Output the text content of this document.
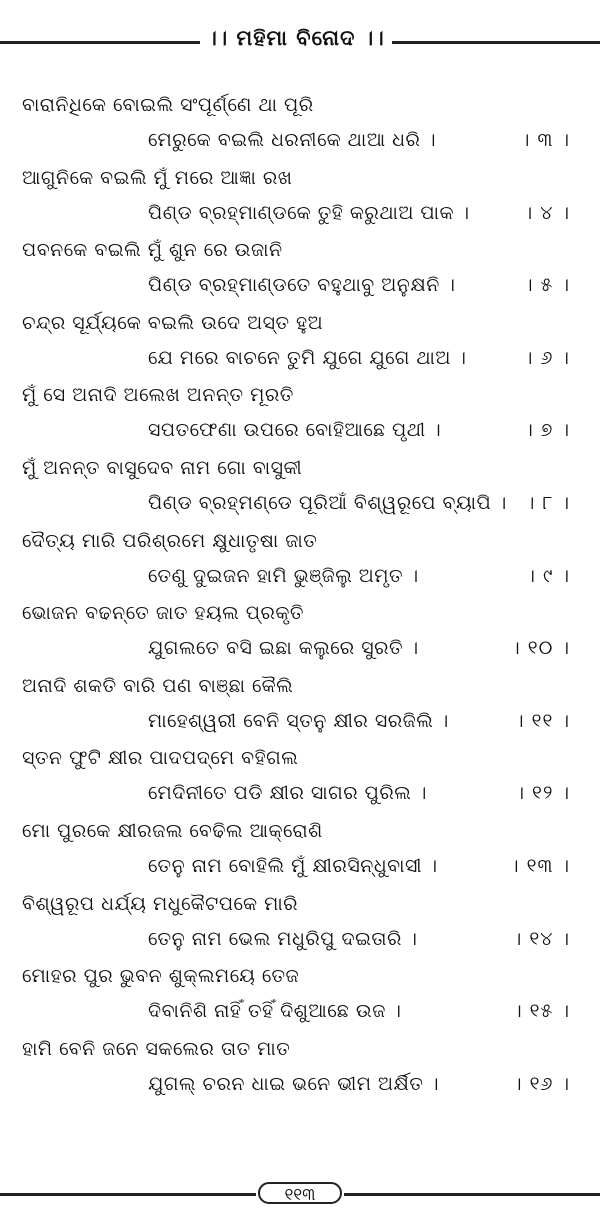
।। ମହିମା ବିନୋଦ ।।
ବାରାନିଧିକେ ବୋଇଲି ସଂପୂର୍ଣ୍ଣେ ଥା ପୂରି
ମେରୁକେ ବଇଲି ଧରନୀକେ ଥାଆ ଧରି ।	। ୩ ।
ଆଗୁନିକେ ବଇଲି ମୁଁ ମରେ ଆଜ୍ଞା ରଖ
ପିଣ୍ଡ ବ୍ରହ୍ମାଣ୍ଡକେ ତୁହି କରୁଥାଅ ପାକ ।	। ୪ ।
ପବନକେ ବଇଲି ମୁଁ ଶୁନ ରେ ଉଜାନି
ପିଣ୍ଡ ବ୍ରହ୍ମାଣ୍ଡତେ ବହୁଥାବୁ ଅନୁକ୍ଷନି ।	। ୫ ।
ଚନ୍ଦ୍ର ସୂର୍ଯ୍ୟକେ ବଇଲି ଉଦେ ଅସ୍ତ ହୁଅ
ଯେ ମରେ ବାଚନେ ତୁମି ଯୁଗେ ଯୁଗେ ଥାଅ ।	। ୬ ।
ମୁଁ ସେ ଅନାଦି ଅଲେଖ ଅନନ୍ତ ମୂରତି
ସପତଫେଣା ଉପରେ ବୋହିଆଛେ ପୃଥୀ ।	। ୭ ।
ମୁଁ ଅନନ୍ତ ବାସୁଦେବ ନାମ ଗୋ ବାସୁକୀ
ପିଣ୍ଡ ବ୍ରହ୍ମଣ୍ଡେ ପୂରିଆଁ ବିଶ୍ୱରୂପେ ବ୍ୟାପି । । ୮ ।
ଦୈତ୍ୟ ମାରି ପରିଶ୍ରମେ କ୍ଷୁଧାତୃଷା ଜାତ
ତେଣୁ ଦୁଇଜନ ହାମି ଭୁଞ୍ଜିଲୁ ଅମୃତ ।	। ୯ ।
ଭୋଜନ ବଢନ୍ତେ ଜାତ ହୟଲ ପ୍ରକୃତି
ଯୁଗଲତେ ବସି ଇଛା କଲୁରେ ସୁରତି ।	। ୧୦ ।
ଅନାଦି ଶକତି ବାରି ପଣ ବାଞ୍ଛା କୈଲି
ମାହେଶ୍ୱରୀ ବେନି ସ୍ତନୁ କ୍ଷୀର ସରଜିଲି ।	। ୧୧ ।
ସ୍ତନ ଫୁଟି କ୍ଷୀର ପାଦପଦ୍ମେ ବହିଗଲ
ମେଦିନୀତେ ପଡି କ୍ଷୀର ସାଗର ପୁରିଲ ।	। ୧୨ ।
ମୋ ପୁରକେ କ୍ଷୀରଜଲ ବେଢିଲ ଆକ୍ରୋଶି
ତେନୁ ନାମ ବୋହିଲି ମୁଁ କ୍ଷୀରସିନ୍ଧୁବାସୀ ।	। ୧୩ ।
ବିଶ୍ୱରୂପ ଧର୍ଯ୍ୟ ମଧୁକୈଟପକେ ମାରି
ତେନୁ ନାମ ଭେଲ ମଧୁରିପୁ ଦଇତାରି ।	। ୧୪ ।
ମୋହର ପୁର ଭୁବନ ଶୁକ୍ଲମୟେ ତେଜ
ଦିବାନିଶି ନାହିଁ ତହିଁ ଦିଶୁଆଛେ ଉଜ ।	। ୧୫ ।
ହାମି ବେନି ଜନେ ସକଲେର ତାତ ମାତ
ଯୁଗଲ୍ ଚରନ ଧାଇ ଭନେ ଭୀମ ଅର୍କ୍ଷିତ ।	। ୧୬ ।
୧୧୩
